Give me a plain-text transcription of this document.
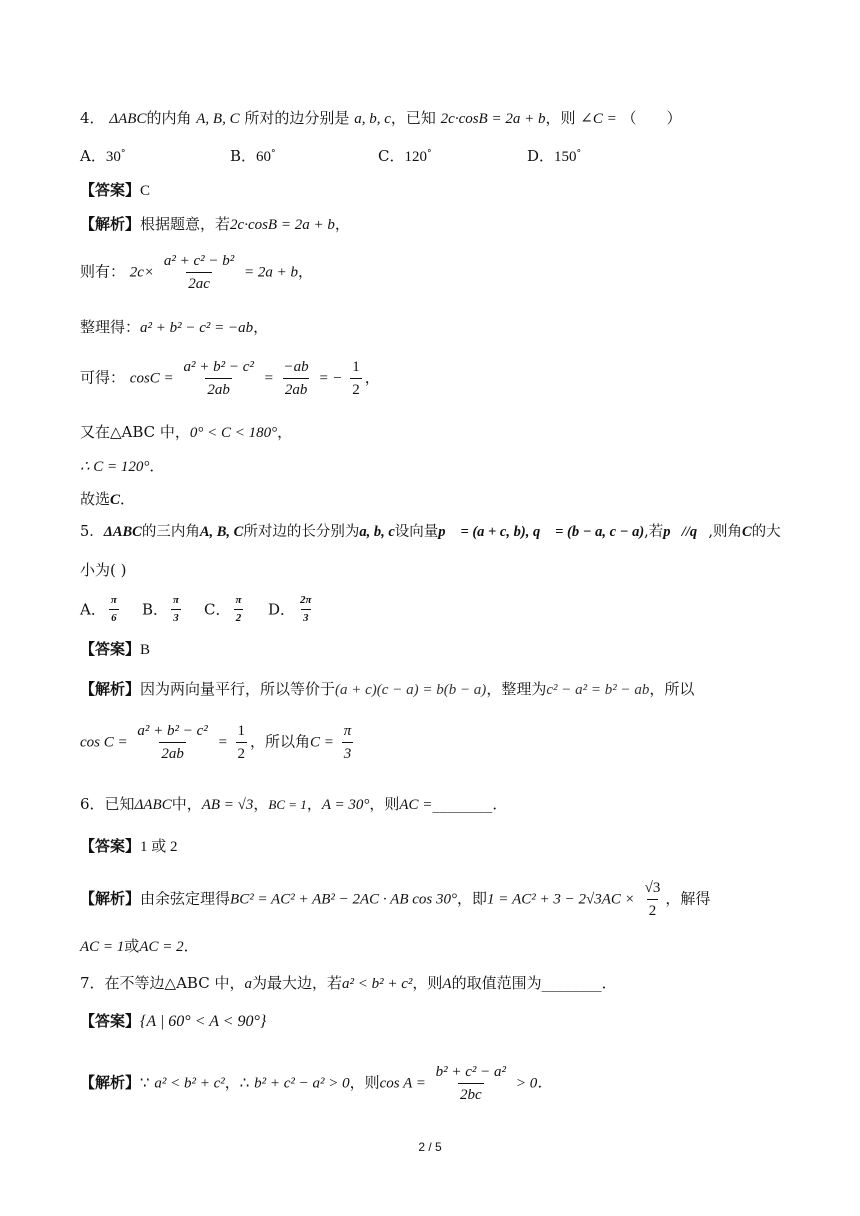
4． ΔABC的内角 A, B, C 所对的边分别是 a, b, c，已知 2c·cosB = 2a + b，则 ∠C = （　　）
A．30°	B．60°	C．120°	D．150°
【答案】C
【解析】根据题意，若2c·cosB = 2a + b，
则有： $2c\times \frac{\text{a² + c² − b²}}{2ac} = 2a + b$，
整理得：a² + b² − c² = −ab，
可得： $\cos C = \frac{\text{a² + b² − c²}}{2ab} = \frac{-ab}{2ab}$ = − $\frac{1}{2}$ ，
又在△ABC 中，0° < C < 180°，
∴ C = 120°．
故选C．
5．ΔABC的三内角A, B, C所对边的长分别为a, b, c设向量p⃗ = (a + c, b), q⃗ = (b − a, c − a),若p⃗//q⃗,则角C的大
小为( )
A． $\frac{\pi}{6}$ B． $\frac{\pi}{3}$ C． $\frac{\pi}{2}$ D． $\frac{2\pi}{3}$
【答案】B
【解析】因为两向量平行，所以等价于(a + c)(c − a) = b(b − a)，整理为c² − a² = b² − ab，所以
$\cos C = \frac{\text{a² + b² − c²}}{2ab} = \frac{1}{2}$ ，所以角$C = \frac{\pi}{3}$
6．已知ΔABC中，AB = √3，BC = 1，A = 30°，则AC =________．
【答案】1 或 2
【解析】由余弦定理得BC² = AC² + AB² − 2AC · AB cos 30°，即$1 = AC^2 + 3 - 2√3AC \times \frac{√3}{2}$ ，解得
AC = 1或AC = 2．
7．在不等边△ABC 中，a为最大边，若a² < b² + c²，则A的取值范围为________．
【答案】{A | 60° < A < 90°}
【解析】∵ a² < b² + c²，∴ b² + c² − a² > 0，则$\cos A = \frac{\text{b² + c² − a²}}{2bc} > 0$．
2 / 5
